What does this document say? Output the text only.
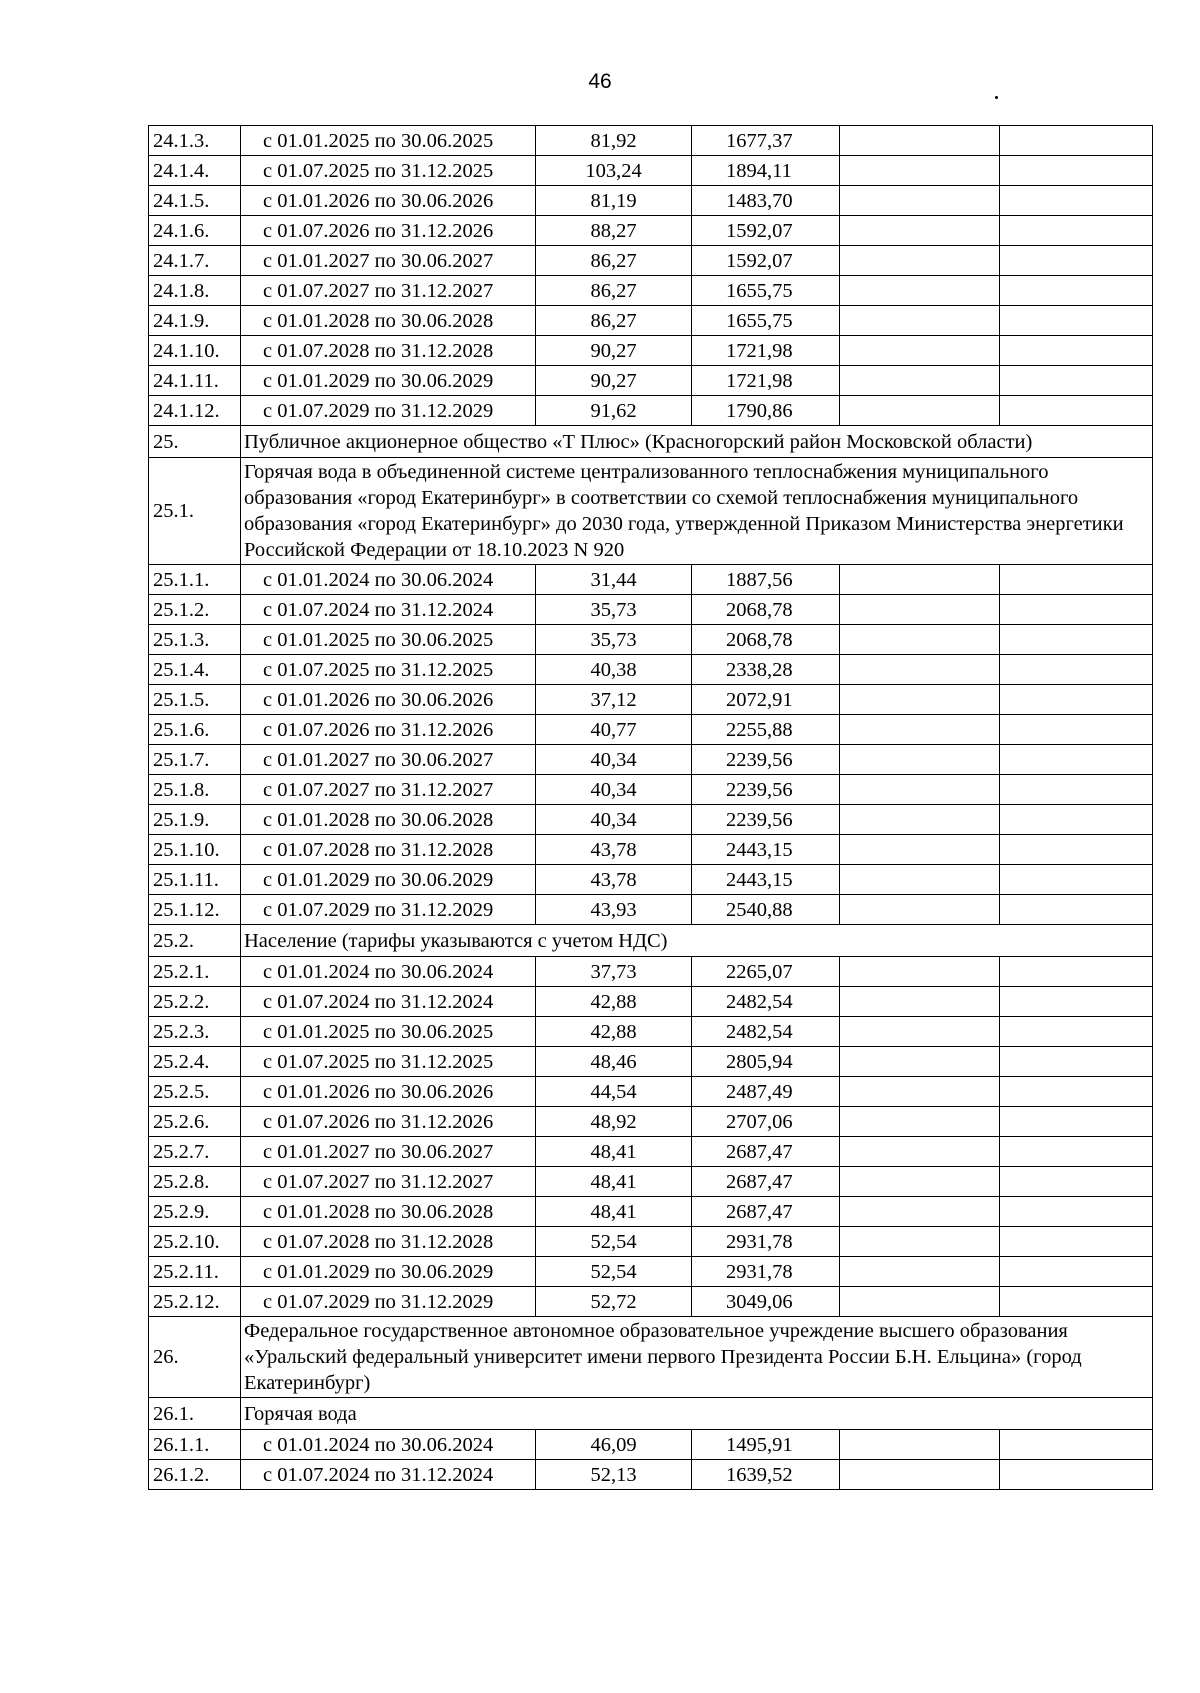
46
24.1.3.	с 01.01.2025 по 30.06.2025	81,92	1677,37		
24.1.4.	с 01.07.2025 по 31.12.2025	103,24	1894,11		
24.1.5.	с 01.01.2026 по 30.06.2026	81,19	1483,70		
24.1.6.	с 01.07.2026 по 31.12.2026	88,27	1592,07		
24.1.7.	с 01.01.2027 по 30.06.2027	86,27	1592,07		
24.1.8.	с 01.07.2027 по 31.12.2027	86,27	1655,75		
24.1.9.	с 01.01.2028 по 30.06.2028	86,27	1655,75		
24.1.10.	с 01.07.2028 по 31.12.2028	90,27	1721,98		
24.1.11.	с 01.01.2029 по 30.06.2029	90,27	1721,98		
24.1.12.	с 01.07.2029 по 31.12.2029	91,62	1790,86		
25.	Публичное акционерное общество «Т Плюс» (Красногорский район Московской области)				
25.1.	Горячая вода в объединенной системе централизованного теплоснабжения муниципального образования «город Екатеринбург» в соответствии со схемой теплоснабжения муниципального образования «город Екатеринбург» до 2030 года, утвержденной Приказом Министерства энергетики Российской Федерации от 18.10.2023 N 920				
25.1.1.	с 01.01.2024 по 30.06.2024	31,44	1887,56		
25.1.2.	с 01.07.2024 по 31.12.2024	35,73	2068,78		
25.1.3.	с 01.01.2025 по 30.06.2025	35,73	2068,78		
25.1.4.	с 01.07.2025 по 31.12.2025	40,38	2338,28		
25.1.5.	с 01.01.2026 по 30.06.2026	37,12	2072,91		
25.1.6.	с 01.07.2026 по 31.12.2026	40,77	2255,88		
25.1.7.	с 01.01.2027 по 30.06.2027	40,34	2239,56		
25.1.8.	с 01.07.2027 по 31.12.2027	40,34	2239,56		
25.1.9.	с 01.01.2028 по 30.06.2028	40,34	2239,56		
25.1.10.	с 01.07.2028 по 31.12.2028	43,78	2443,15		
25.1.11.	с 01.01.2029 по 30.06.2029	43,78	2443,15		
25.1.12.	с 01.07.2029 по 31.12.2029	43,93	2540,88		
25.2.	Население (тарифы указываются с учетом НДС)				
25.2.1.	с 01.01.2024 по 30.06.2024	37,73	2265,07		
25.2.2.	с 01.07.2024 по 31.12.2024	42,88	2482,54		
25.2.3.	с 01.01.2025 по 30.06.2025	42,88	2482,54		
25.2.4.	с 01.07.2025 по 31.12.2025	48,46	2805,94		
25.2.5.	с 01.01.2026 по 30.06.2026	44,54	2487,49		
25.2.6.	с 01.07.2026 по 31.12.2026	48,92	2707,06		
25.2.7.	с 01.01.2027 по 30.06.2027	48,41	2687,47		
25.2.8.	с 01.07.2027 по 31.12.2027	48,41	2687,47		
25.2.9.	с 01.01.2028 по 30.06.2028	48,41	2687,47		
25.2.10.	с 01.07.2028 по 31.12.2028	52,54	2931,78		
25.2.11.	с 01.01.2029 по 30.06.2029	52,54	2931,78		
25.2.12.	с 01.07.2029 по 31.12.2029	52,72	3049,06		
26.	Федеральное государственное автономное образовательное учреждение высшего образования «Уральский федеральный университет имени первого Президента России Б.Н. Ельцина» (город Екатеринбург)				
26.1.	Горячая вода				
26.1.1.	с 01.01.2024 по 30.06.2024	46,09	1495,91		
26.1.2.	с 01.07.2024 по 31.12.2024	52,13	1639,52		
